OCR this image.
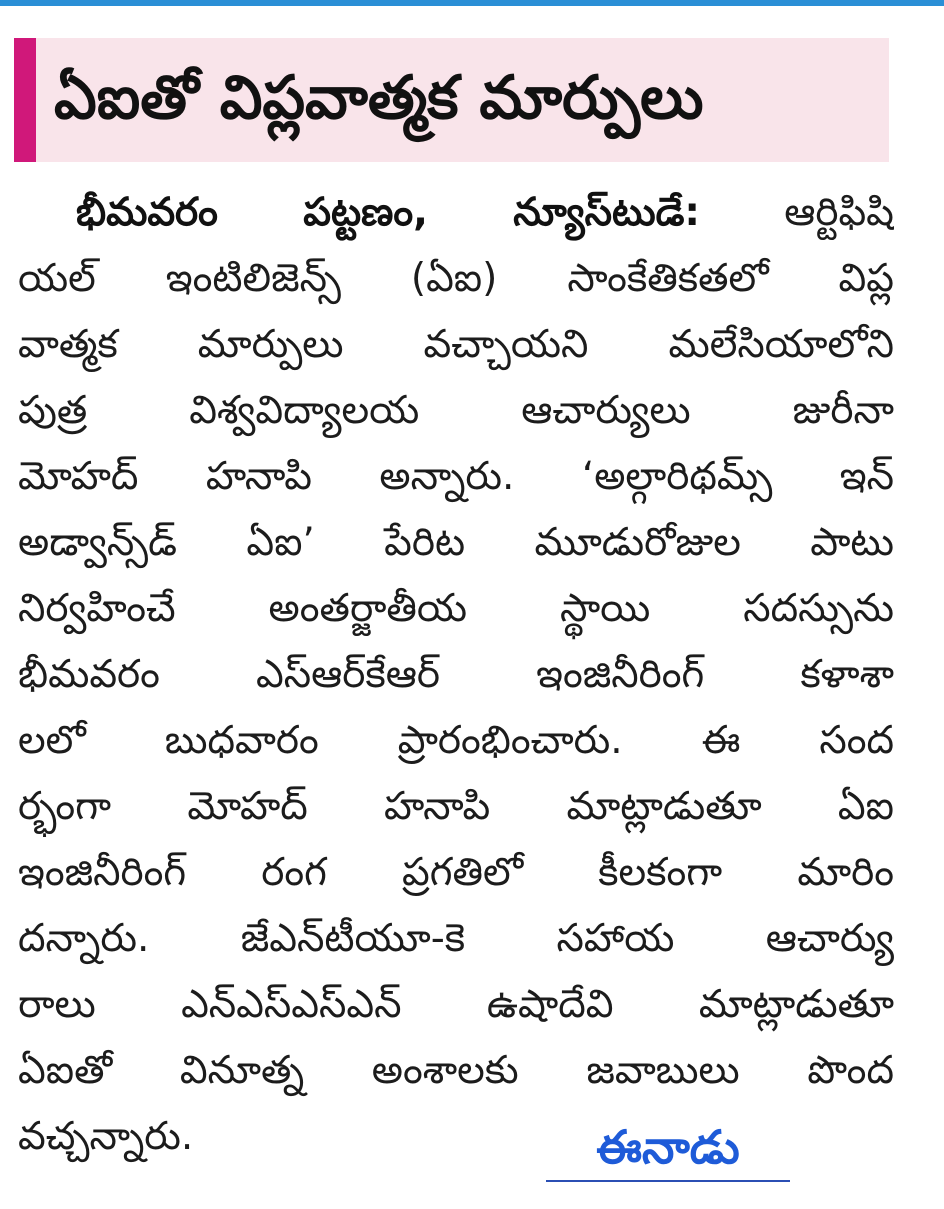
ఏఐతో విప్లవాత్మక మార్పులు
భీమవరం పట్టణం, న్యూస్‌టుడే: ఆర్టిఫిషి
యల్ ఇంటిలిజెన్స్ (ఏఐ) సాంకేతికతలో విప్ల
వాత్మక మార్పులు వచ్చాయని మలేసియాలోని
పుత్ర విశ్వవిద్యాలయ ఆచార్యులు జురీనా
మోహద్ హనాపి అన్నారు. ‘అల్గారిథమ్స్ ఇన్
అడ్వాన్స్‌డ్ ఏఐ’ పేరిట మూడురోజుల పాటు
నిర్వహించే అంతర్జాతీయ స్థాయి సదస్సును
భీమవరం ఎస్ఆర్‌కేఆర్ ఇంజినీరింగ్ కళాశా
లలో బుధవారం ప్రారంభించారు. ఈ సంద
ర్భంగా మోహద్ హనాపి మాట్లాడుతూ ఏఐ
ఇంజినీరింగ్ రంగ ప్రగతిలో కీలకంగా మారిం
దన్నారు. జేఎన్‌టీయూ-కె సహాయ ఆచార్యు
రాలు ఎన్ఎస్ఎస్ఎన్ ఉషాదేవి మాట్లాడుతూ
ఏఐతో వినూత్న అంశాలకు జవాబులు పొంద
వచ్చన్నారు.	ఈనాడు
